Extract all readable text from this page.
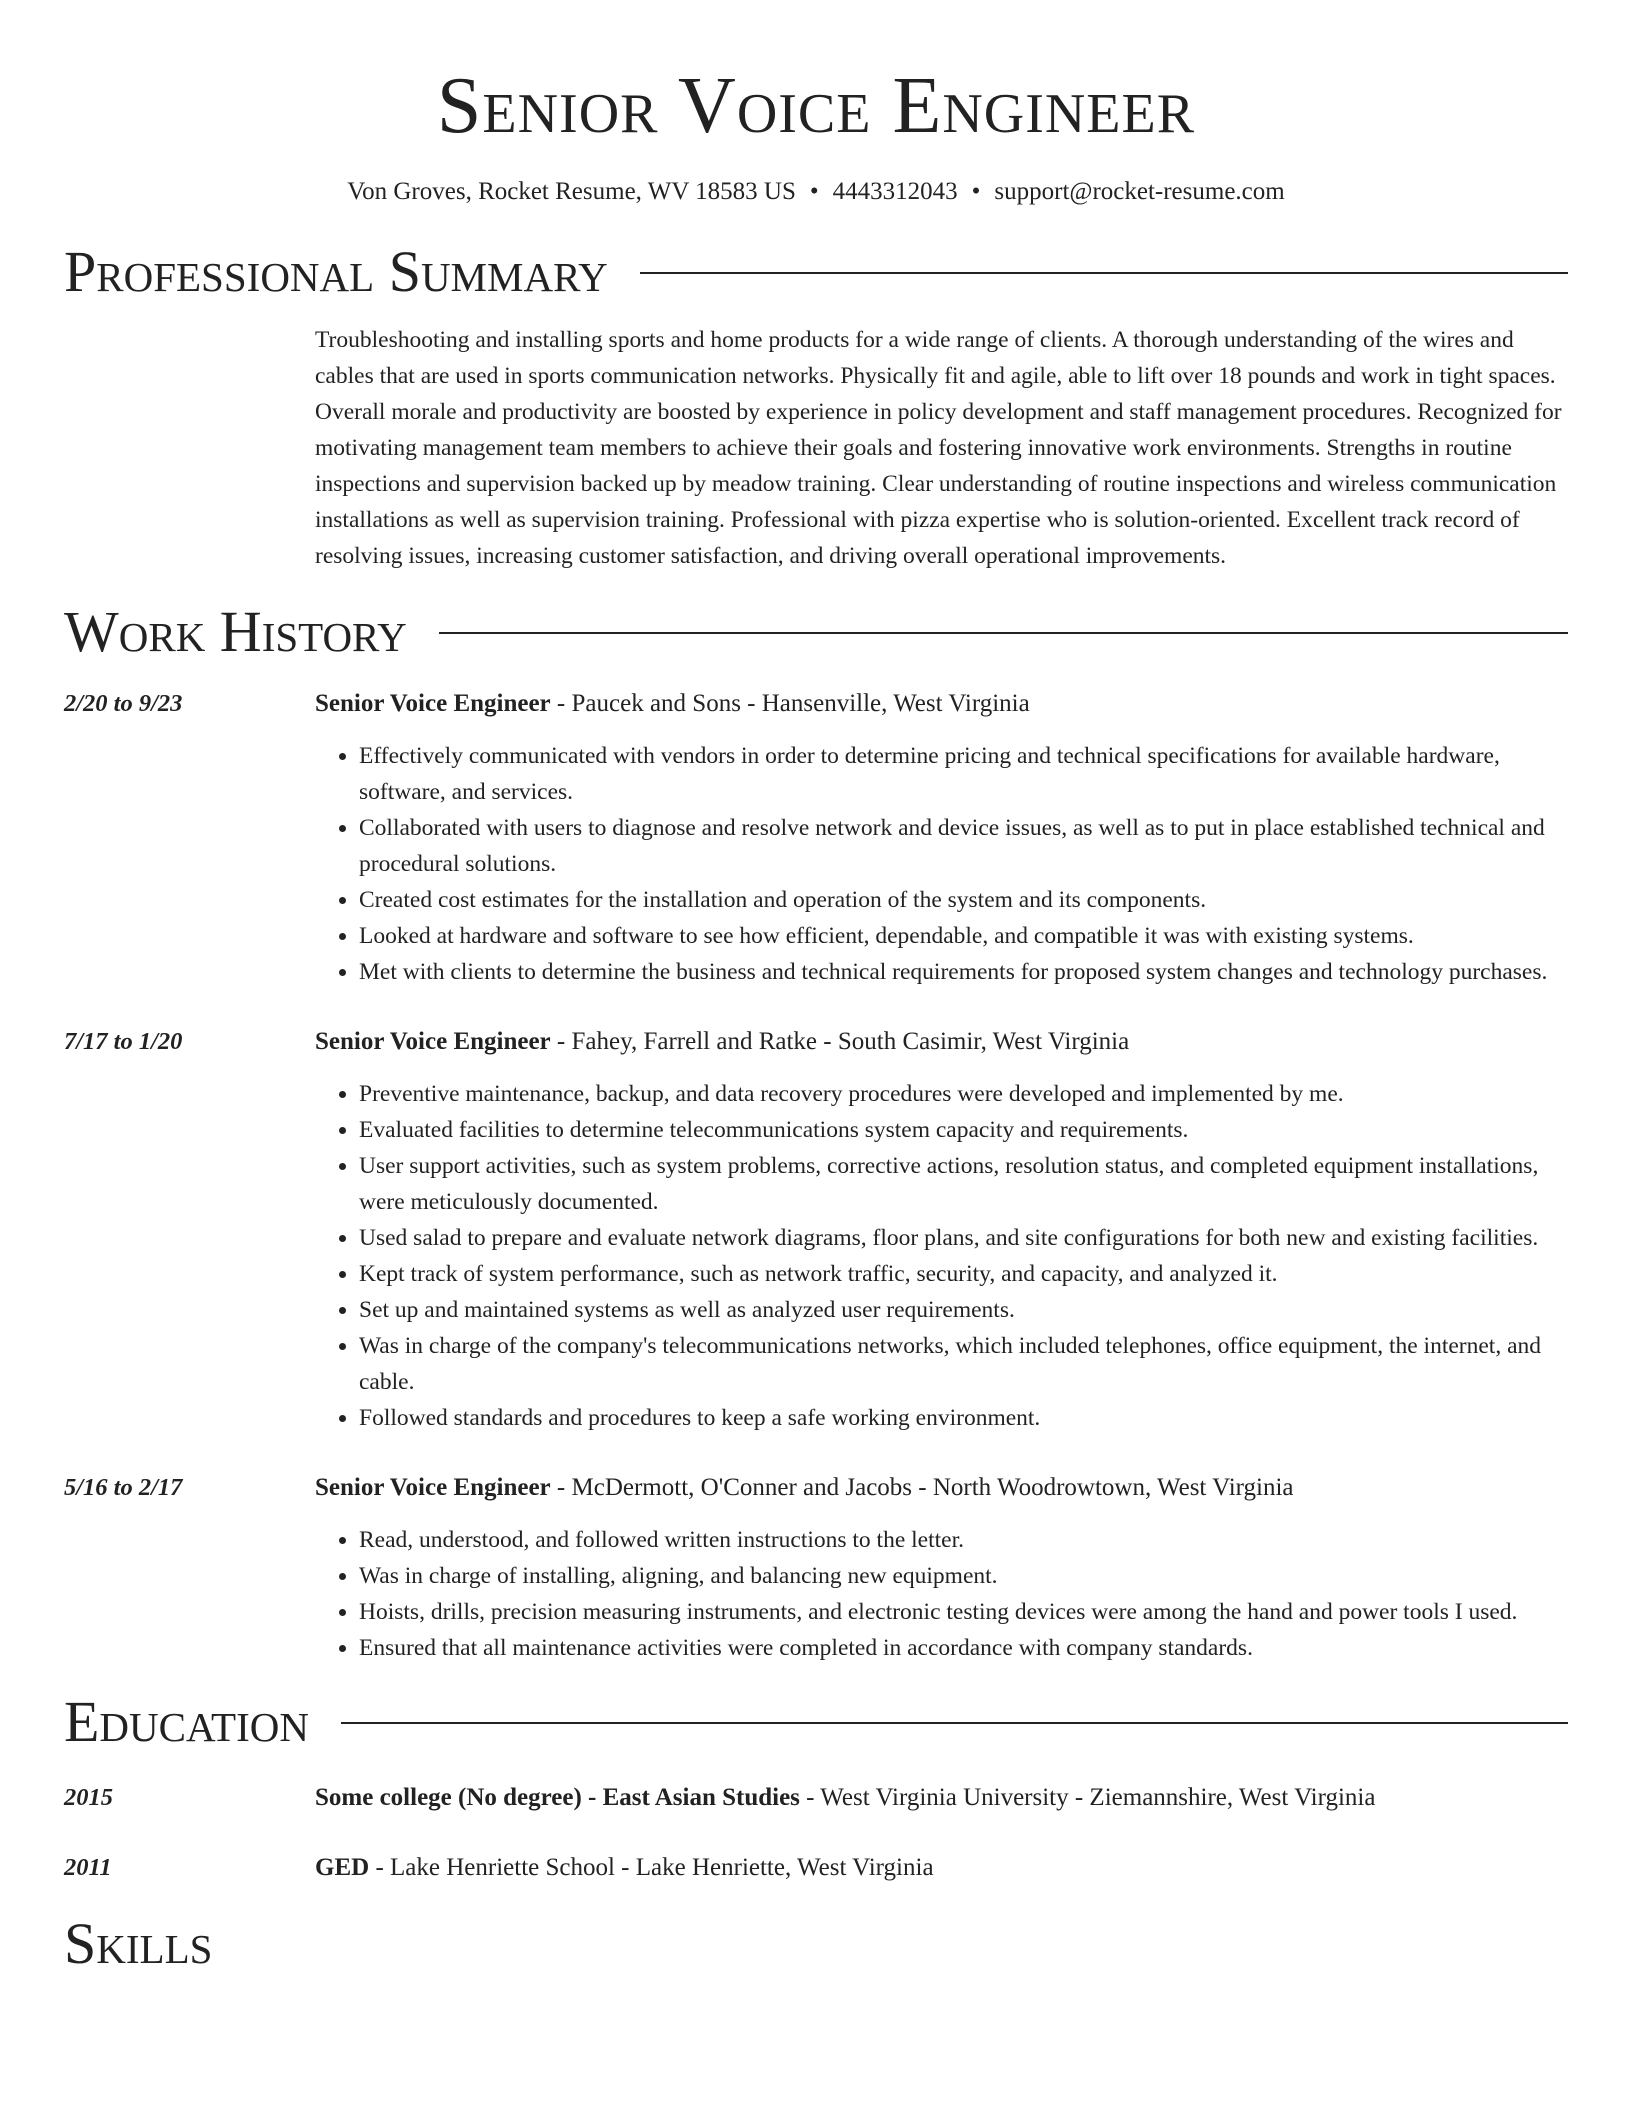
Senior Voice Engineer
Von Groves, Rocket Resume, WV 18583 US • 4443312043 • support@rocket-resume.com
Professional Summary
Troubleshooting and installing sports and home products for a wide range of clients. A thorough understanding of the wires and cables that are used in sports communication networks. Physically fit and agile, able to lift over 18 pounds and work in tight spaces. Overall morale and productivity are boosted by experience in policy development and staff management procedures. Recognized for motivating management team members to achieve their goals and fostering innovative work environments. Strengths in routine inspections and supervision backed up by meadow training. Clear understanding of routine inspections and wireless communication installations as well as supervision training. Professional with pizza expertise who is solution-oriented. Excellent track record of resolving issues, increasing customer satisfaction, and driving overall operational improvements.
Work History
2/20 to 9/23	Senior Voice Engineer - Paucek and Sons - Hansenville, West Virginia
• Effectively communicated with vendors in order to determine pricing and technical specifications for available hardware, software, and services.
• Collaborated with users to diagnose and resolve network and device issues, as well as to put in place established technical and procedural solutions.
• Created cost estimates for the installation and operation of the system and its components.
• Looked at hardware and software to see how efficient, dependable, and compatible it was with existing systems.
• Met with clients to determine the business and technical requirements for proposed system changes and technology purchases.
7/17 to 1/20	Senior Voice Engineer - Fahey, Farrell and Ratke - South Casimir, West Virginia
• Preventive maintenance, backup, and data recovery procedures were developed and implemented by me.
• Evaluated facilities to determine telecommunications system capacity and requirements.
• User support activities, such as system problems, corrective actions, resolution status, and completed equipment installations, were meticulously documented.
• Used salad to prepare and evaluate network diagrams, floor plans, and site configurations for both new and existing facilities.
• Kept track of system performance, such as network traffic, security, and capacity, and analyzed it.
• Set up and maintained systems as well as analyzed user requirements.
• Was in charge of the company's telecommunications networks, which included telephones, office equipment, the internet, and cable.
• Followed standards and procedures to keep a safe working environment.
5/16 to 2/17	Senior Voice Engineer - McDermott, O'Conner and Jacobs - North Woodrowtown, West Virginia
• Read, understood, and followed written instructions to the letter.
• Was in charge of installing, aligning, and balancing new equipment.
• Hoists, drills, precision measuring instruments, and electronic testing devices were among the hand and power tools I used.
• Ensured that all maintenance activities were completed in accordance with company standards.
Education
2015	Some college (No degree) - East Asian Studies - West Virginia University - Ziemannshire, West Virginia
2011	GED - Lake Henriette School - Lake Henriette, West Virginia
Skills
